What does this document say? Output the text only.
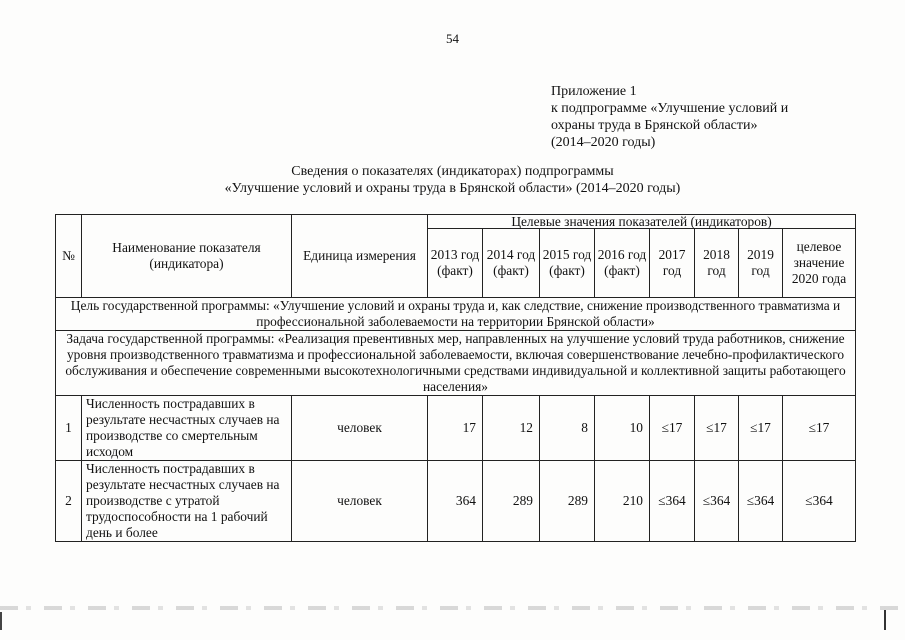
54
Приложение 1
к подпрограмме «Улучшение условий и
охраны труда в Брянской области»
(2014–2020 годы)
Сведения о показателях (индикаторах) подпрограммы
«Улучшение условий и охраны труда в Брянской области» (2014–2020 годы)
№	Наименование показателя (индикатора)	Единица измерения	Целевые значения показателей (индикаторов)							
			2013 год (факт)	2014 год (факт)	2015 год (факт)	2016 год (факт)	2017 год	2018 год	2019 год	целевое значение 2020 года
Цель государственной программы: «Улучшение условий и охраны труда и, как следствие, снижение производственного травматизма и профессиональной заболеваемости на территории Брянской области»										
Задача государственной программы: «Реализация превентивных мер, направленных на улучшение условий труда работников, снижение уровня производственного травматизма и профессиональной заболеваемости, включая совершенствование лечебно-профилактического обслуживания и обеспечение современными высокотехнологичными средствами индивидуальной и коллективной защиты работающего населения»										
1	Численность пострадавших в результате несчастных случаев на производстве со смертельным исходом	человек	17	12	8	10	≤17	≤17	≤17	≤17
2	Численность пострадавших в результате несчастных случаев на производстве с утратой трудоспособности на 1 рабочий день и более	человек	364	289	289	210	≤364	≤364	≤364	≤364
